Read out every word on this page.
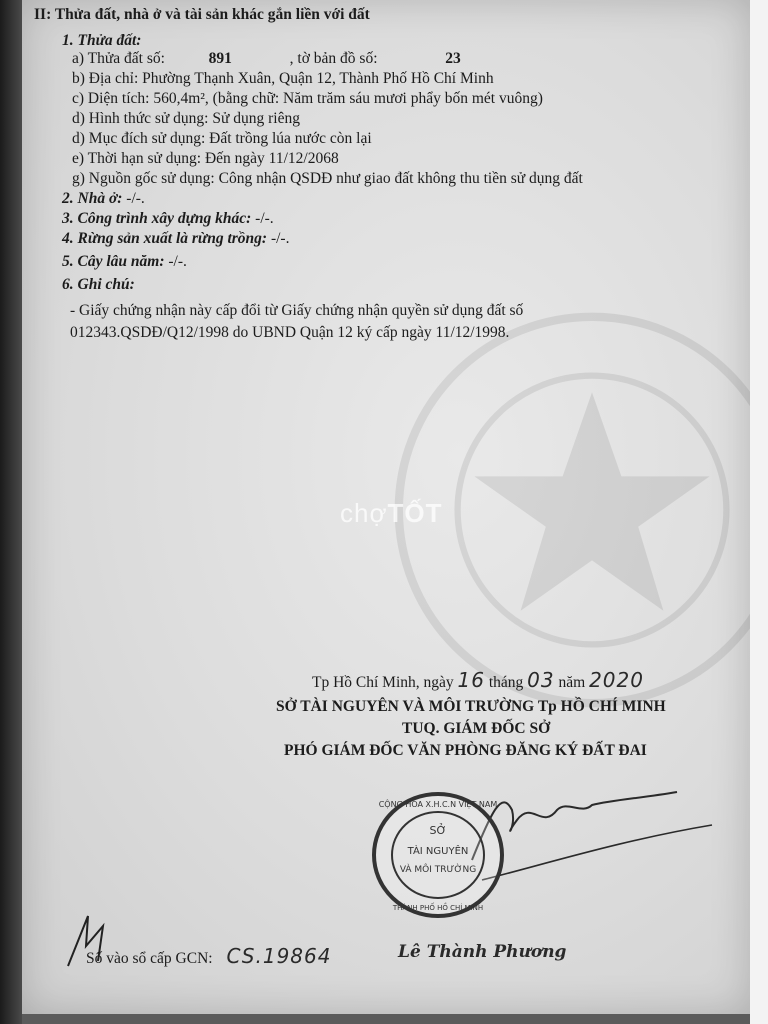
II: Thửa đất, nhà ở và tài sản khác gắn liền với đất
1. Thửa đất:
a) Thửa đất số:	891	, tờ bản đồ số:	23
b) Địa chỉ: Phường Thạnh Xuân, Quận 12, Thành Phố Hồ Chí Minh
c) Diện tích: 560,4m², (bằng chữ: Năm trăm sáu mươi phẩy bốn mét vuông)
d) Hình thức sử dụng: Sử dụng riêng
d) Mục đích sử dụng: Đất trồng lúa nước còn lại
e) Thời hạn sử dụng: Đến ngày 11/12/2068
g) Nguồn gốc sử dụng: Công nhận QSDĐ như giao đất không thu tiền sử dụng đất
2. Nhà ở: -/-.
3. Công trình xây dựng khác: -/-.
4. Rừng sản xuất là rừng trồng: -/-.
5. Cây lâu năm: -/-.
6. Ghi chú:
- Giấy chứng nhận này cấp đổi từ Giấy chứng nhận quyền sử dụng đất số
012343.QSDĐ/Q12/1998 do UBND Quận 12 ký cấp ngày 11/12/1998.
chợTỐT
Tp Hồ Chí Minh, ngày 16 tháng 03 năm 2020
SỞ TÀI NGUYÊN VÀ MÔI TRƯỜNG Tp HỒ CHÍ MINH
TUQ. GIÁM ĐỐC SỞ
PHÓ GIÁM ĐỐC VĂN PHÒNG ĐĂNG KÝ ĐẤT ĐAI
SỞ
TÀI NGUYÊN
VÀ MÔI TRƯỜNG
CỘNG HÒA X.H.C.N VIỆT NAM
THÀNH PHỐ HỒ CHÍ MINH
Số vào sổ cấp GCN: CS.19864	Lê Thành Phương
